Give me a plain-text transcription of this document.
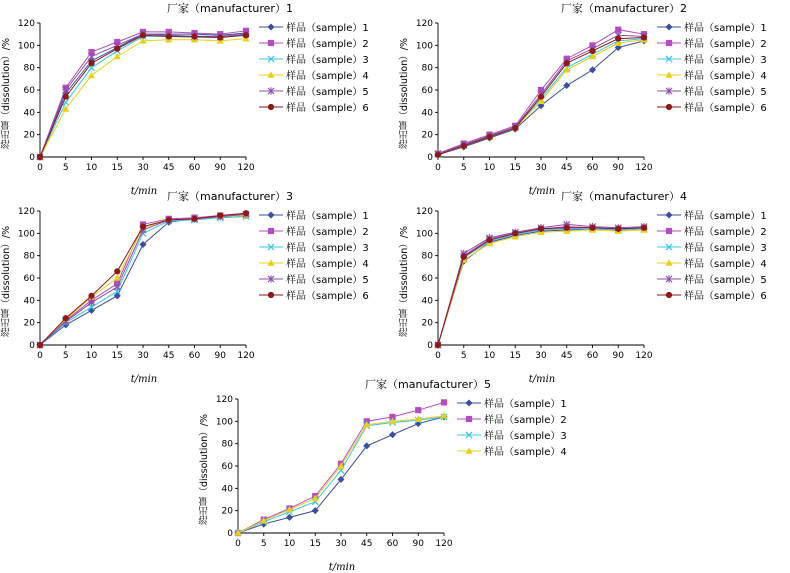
厂家（manufacturer）1
溶出量（dissolution）/%
0
20
40
60
80
100
120
0 5 10 15 30 45 60 90 120
t/min
样品（sample）1
样品（sample）2
样品（sample）3
样品（sample）4
样品（sample）5
样品（sample）6
厂家（manufacturer）2
溶出量（dissolution）/%
0
20
40
60
80
100
120
0 5 10 15 30 45 60 90 120
t/min
样品（sample）1
样品（sample）2
样品（sample）3
样品（sample）4
样品（sample）5
样品（sample）6
厂家（manufacturer）3
溶出量（dissolution）/%
0
20
40
60
80
100
120
0 5 10 15 30 45 60 90 120
t/min
样品（sample）1
样品（sample）2
样品（sample）3
样品（sample）4
样品（sample）5
样品（sample）6
厂家（manufacturer）4
溶出量（dissolution）/%
0
20
40
60
80
100
120
0 5 10 15 30 45 60 90 120
t/min
样品（sample）1
样品（sample）2
样品（sample）3
样品（sample）4
样品（sample）5
样品（sample）6
厂家（manufacturer）5
溶出量（dissolution）/%
0
20
40
60
80
100
120
0 5 10 15 30 45 60 90 120
t/min
样品（sample）1
样品（sample）2
样品（sample）3
样品（sample）4
